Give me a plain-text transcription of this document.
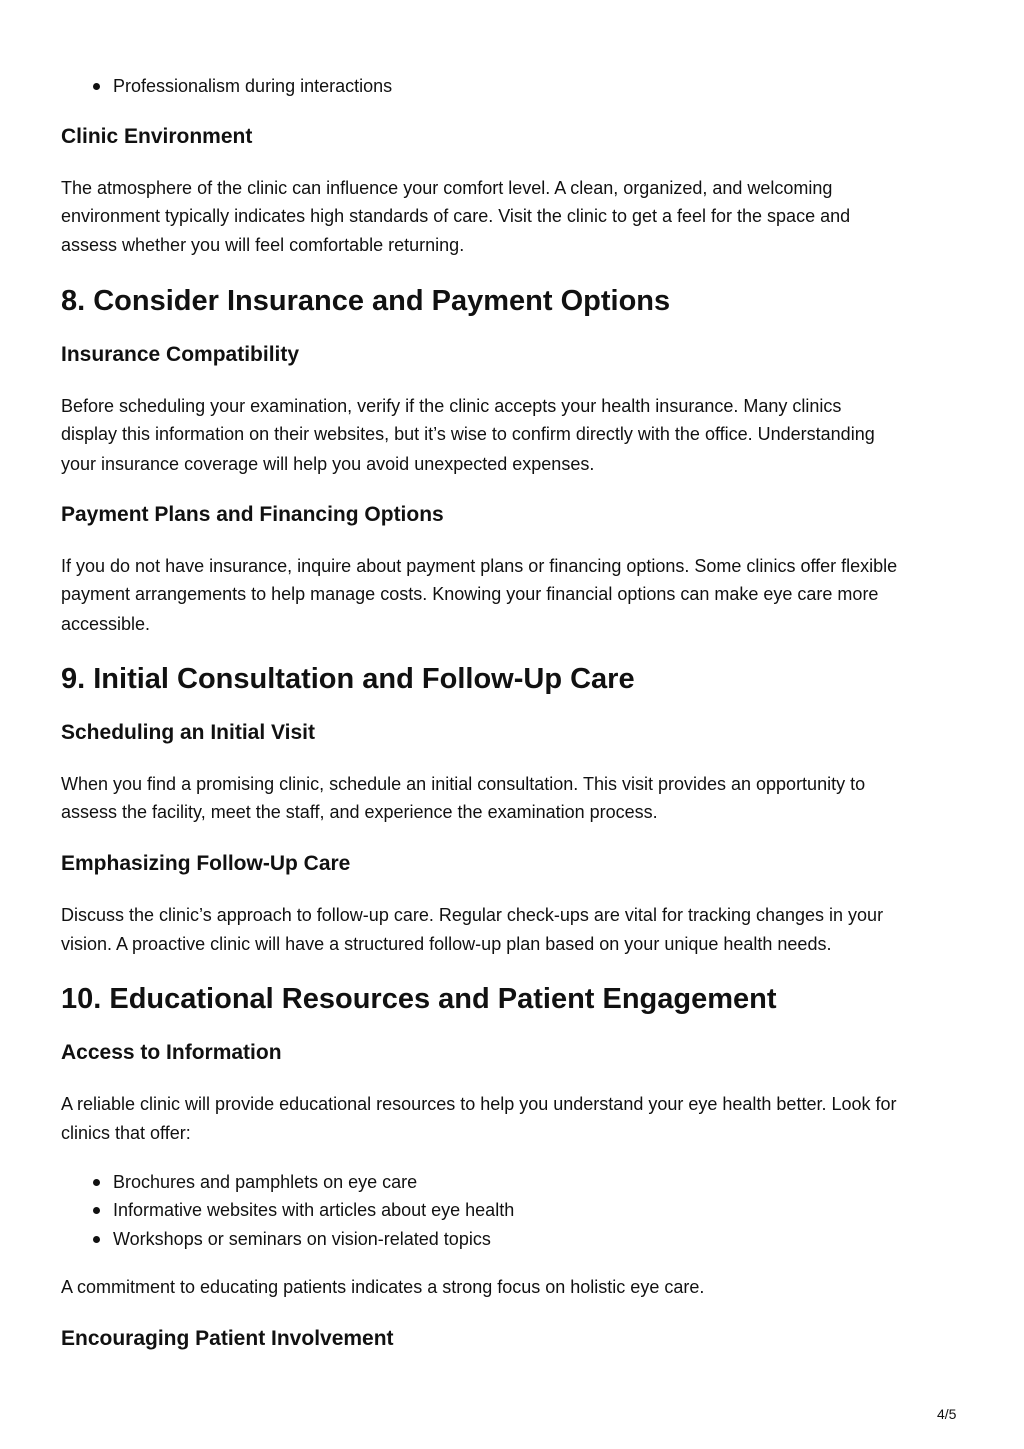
Professionalism during interactions
Clinic Environment

The atmosphere of the clinic can influence your comfort level. A clean, organized, and welcoming

environment typically indicates high standards of care. Visit the clinic to get a feel for the space and

assess whether you will feel comfortable returning.

8. Consider Insurance and Payment Options
Insurance Compatibility

Before scheduling your examination, verify if the clinic accepts your health insurance. Many clinics

display this information on their websites, but it’s wise to confirm directly with the office. Understanding

your insurance coverage will help you avoid unexpected expenses.

Payment Plans and Financing Options

If you do not have insurance, inquire about payment plans or financing options. Some clinics offer flexible

payment arrangements to help manage costs. Knowing your financial options can make eye care more

accessible.

9. Initial Consultation and Follow-Up Care
Scheduling an Initial Visit

When you find a promising clinic, schedule an initial consultation. This visit provides an opportunity to

assess the facility, meet the staff, and experience the examination process.

Emphasizing Follow-Up Care

Discuss the clinic’s approach to follow-up care. Regular check-ups are vital for tracking changes in your

vision. A proactive clinic will have a structured follow-up plan based on your unique health needs.

10. Educational Resources and Patient Engagement
Access to Information

A reliable clinic will provide educational resources to help you understand your eye health better. Look for

clinics that offer:

Brochures and pamphlets on eye care
Informative websites with articles about eye health
Workshops or seminars on vision-related topics

A commitment to educating patients indicates a strong focus on holistic eye care.

Encouraging Patient Involvement
4/5
